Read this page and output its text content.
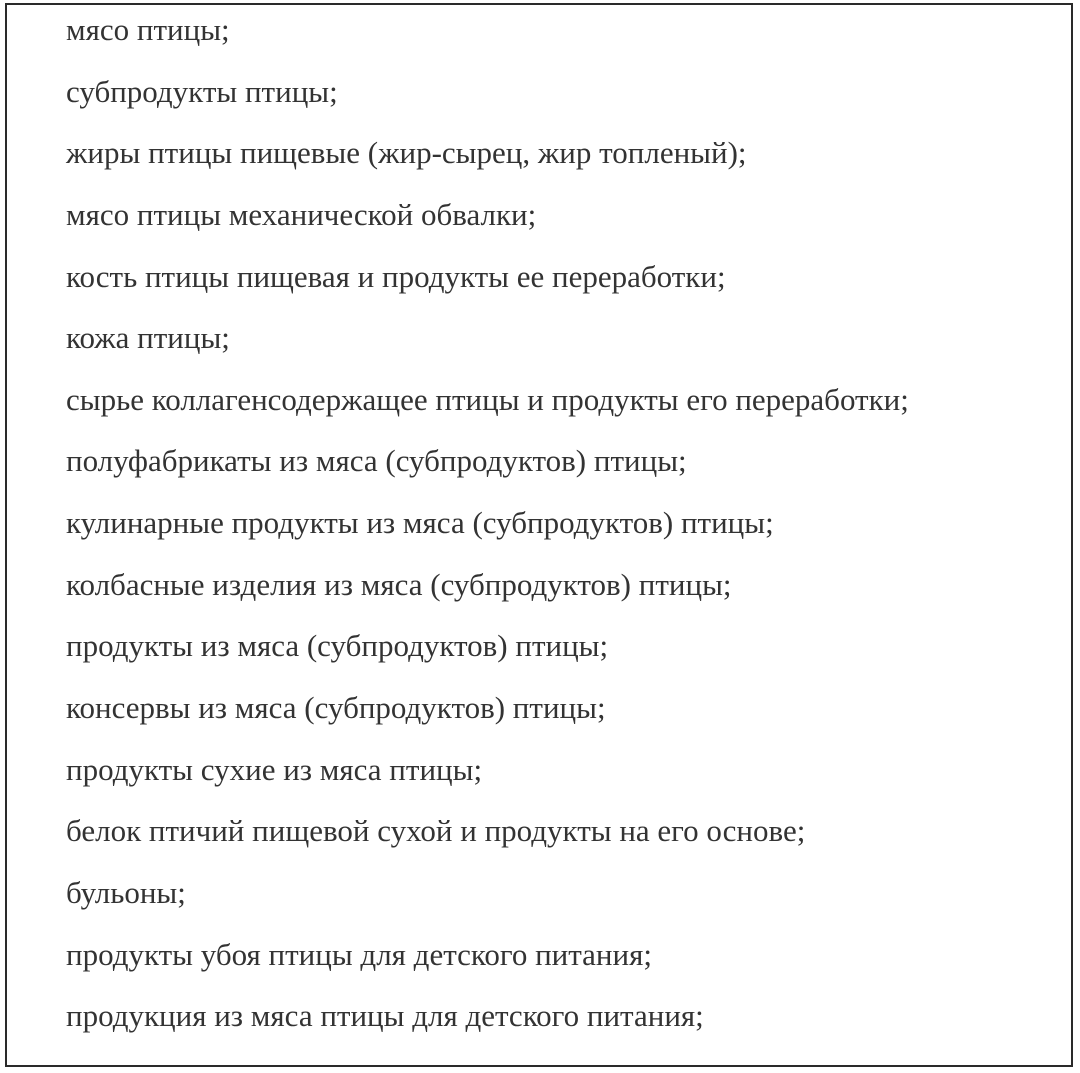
мясо птицы;
субпродукты птицы;
жиры птицы пищевые (жир-сырец, жир топленый);
мясо птицы механической обвалки;
кость птицы пищевая и продукты ее переработки;
кожа птицы;
сырье коллагенсодержащее птицы и продукты его переработки;
полуфабрикаты из мяса (субпродуктов) птицы;
кулинарные продукты из мяса (субпродуктов) птицы;
колбасные изделия из мяса (субпродуктов) птицы;
продукты из мяса (субпродуктов) птицы;
консервы из мяса (субпродуктов) птицы;
продукты сухие из мяса птицы;
белок птичий пищевой сухой и продукты на его основе;
бульоны;
продукты убоя птицы для детского питания;
продукция из мяса птицы для детского питания;
